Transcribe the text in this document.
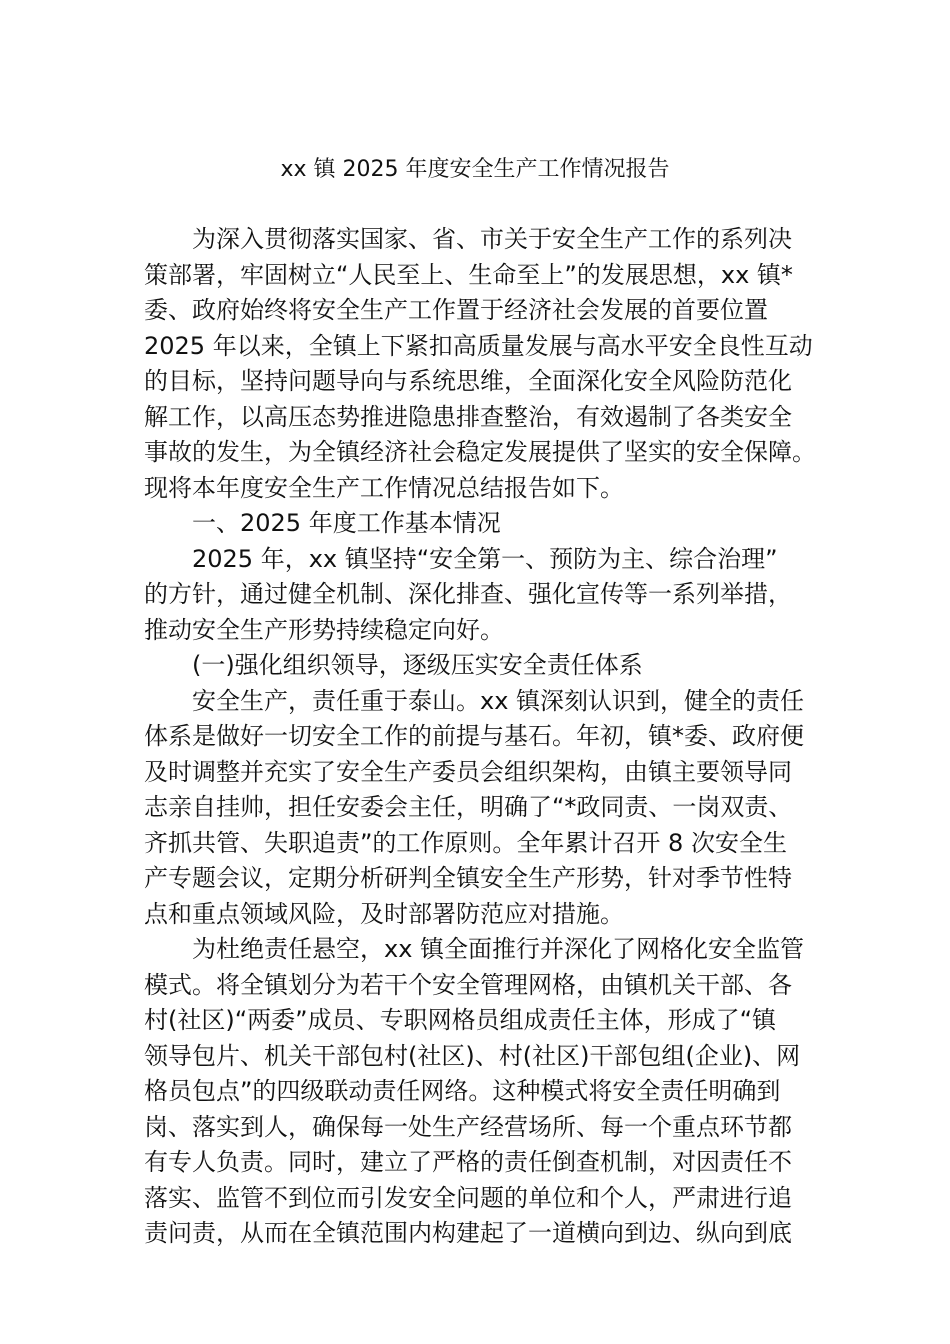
xx 镇 2025 年度安全生产工作情况报告
为深入贯彻落实国家、省、市关于安全生产工作的系列决
策部署，牢固树立“人民至上、生命至上”的发展思想，xx 镇*
委、政府始终将安全生产工作置于经济社会发展的首要位置
2025 年以来，全镇上下紧扣高质量发展与高水平安全良性互动
的目标，坚持问题导向与系统思维，全面深化安全风险防范化
解工作，以高压态势推进隐患排查整治，有效遏制了各类安全
事故的发生，为全镇经济社会稳定发展提供了坚实的安全保障。
现将本年度安全生产工作情况总结报告如下。
一、2025 年度工作基本情况
2025 年，xx 镇坚持“安全第一、预防为主、综合治理”
的方针，通过健全机制、深化排查、强化宣传等一系列举措，
推动安全生产形势持续稳定向好。
(一)强化组织领导，逐级压实安全责任体系
安全生产，责任重于泰山。xx 镇深刻认识到，健全的责任
体系是做好一切安全工作的前提与基石。年初，镇*委、政府便
及时调整并充实了安全生产委员会组织架构，由镇主要领导同
志亲自挂帅，担任安委会主任，明确了“*政同责、一岗双责、
齐抓共管、失职追责”的工作原则。全年累计召开 8 次安全生
产专题会议，定期分析研判全镇安全生产形势，针对季节性特
点和重点领域风险，及时部署防范应对措施。
为杜绝责任悬空，xx 镇全面推行并深化了网格化安全监管
模式。将全镇划分为若干个安全管理网格，由镇机关干部、各
村(社区)“两委”成员、专职网格员组成责任主体，形成了“镇
领导包片、机关干部包村(社区)、村(社区)干部包组(企业)、网
格员包点”的四级联动责任网络。这种模式将安全责任明确到
岗、落实到人，确保每一处生产经营场所、每一个重点环节都
有专人负责。同时，建立了严格的责任倒查机制，对因责任不
落实、监管不到位而引发安全问题的单位和个人，严肃进行追
责问责，从而在全镇范围内构建起了一道横向到边、纵向到底
